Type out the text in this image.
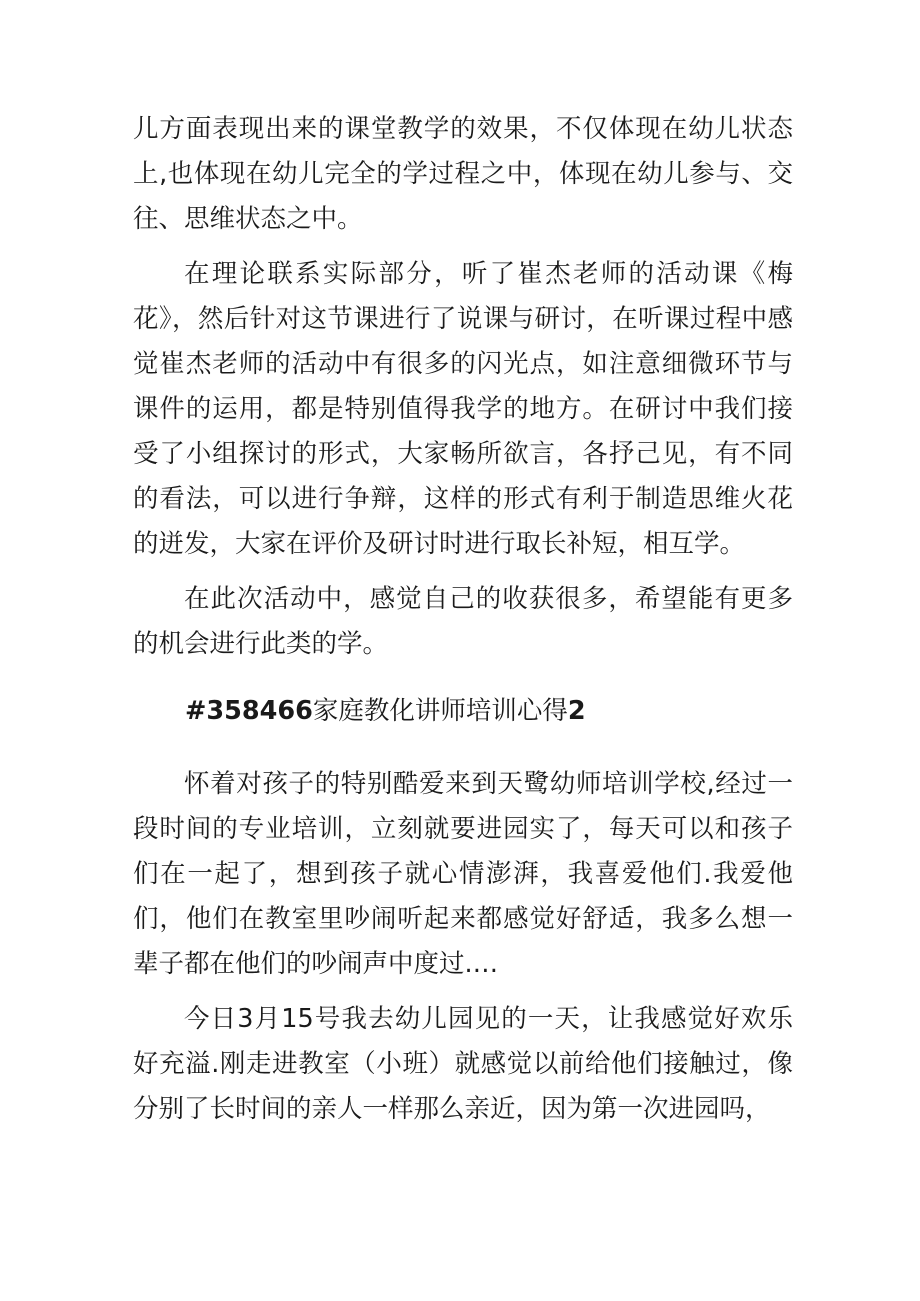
儿方面表现出来的课堂教学的效果，不仅体现在幼儿状态上,也体现在幼儿完全的学过程之中，体现在幼儿参与、交往、思维状态之中。

在理论联系实际部分，听了崔杰老师的活动课《梅花》，然后针对这节课进行了说课与研讨，在听课过程中感觉崔杰老师的活动中有很多的闪光点，如注意细微环节与课件的运用，都是特别值得我学的地方。在研讨中我们接受了小组探讨的形式，大家畅所欲言，各抒己见，有不同的看法，可以进行争辩，这样的形式有利于制造思维火花的迸发，大家在评价及研讨时进行取长补短，相互学。

在此次活动中，感觉自己的收获很多，希望能有更多的机会进行此类的学。

#358466家庭教化讲师培训心得2

怀着对孩子的特别酷爱来到天鹭幼师培训学校,经过一段时间的专业培训，立刻就要进园实了，每天可以和孩子们在一起了，想到孩子就心情澎湃，我喜爱他们.我爱他们，他们在教室里吵闹听起来都感觉好舒适，我多么想一辈子都在他们的吵闹声中度过.…

今日3月15号我去幼儿园见的一天，让我感觉好欢乐好充溢.刚走进教室（小班）就感觉以前给他们接触过，像分别了长时间的亲人一样那么亲近，因为第一次进园吗，
